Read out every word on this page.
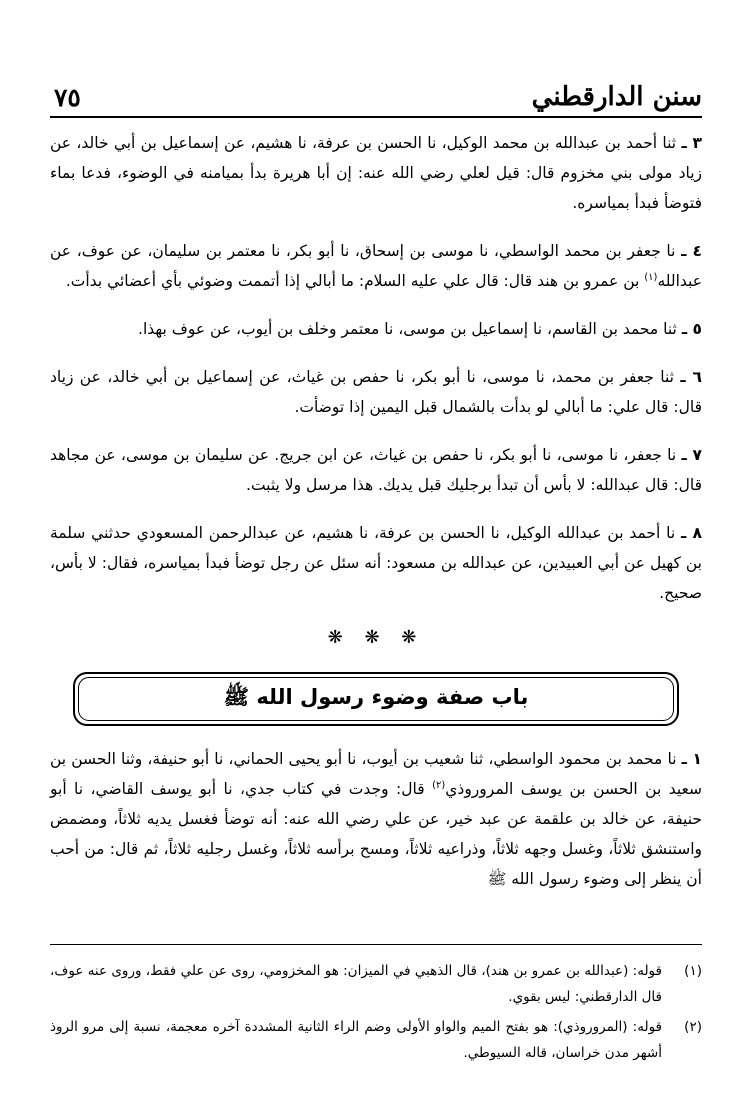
سنن الدارقطني
٧٥

٣ ـ ثنا أحمد بن عبدالله بن محمد الوكيل، نا الحسن بن عرفة، نا هشيم، عن إسماعيل بن أبي خالد، عن زياد مولى بني مخزوم قال: قيل لعلي رضي الله عنه: إن أبا هريرة بدأ بميامنه في الوضوء، فدعا بماء فتوضأ فبدأ بمياسره.

٤ ـ نا جعفر بن محمد الواسطي، نا موسى بن إسحاق، نا أبو بكر، نا معتمر بن سليمان، عن عوف، عن عبدالله$^{(١)}$ بن عمرو بن هند قال: قال علي عليه السلام: ما أبالي إذا أتممت وضوئي بأي أعضائي بدأت.

٥ ـ ثنا محمد بن القاسم، نا إسماعيل بن موسى، نا معتمر وخلف بن أيوب، عن عوف بهذا.

٦ ـ ثنا جعفر بن محمد، نا موسى، نا أبو بكر، نا حفص بن غياث، عن إسماعيل بن أبي خالد، عن زياد قال: قال علي: ما أبالي لو بدأت بالشمال قبل اليمين إذا توضأت.

٧ ـ نا جعفر، نا موسى، نا أبو بكر، نا حفص بن غياث، عن ابن جريج. عن سليمان بن موسى، عن مجاهد قال: قال عبدالله: لا بأس أن تبدأ برجليك قبل يديك. هذا مرسل ولا يثبت.

٨ ـ نا أحمد بن عبدالله الوكيل، نا الحسن بن عرفة، نا هشيم، عن عبدالرحمن المسعودي حدثني سلمة بن كهيل عن أبي العبيدين، عن عبدالله بن مسعود: أنه سئل عن رجل توضأ فبدأ بمياسره، فقال: لا بأس، صحيح.

❋ ❋ ❋
باب صفة وضوء رسول الله ﷺ

١ ـ نا محمد بن محمود الواسطي، ثنا شعيب بن أيوب، نا أبو يحيى الحماني، نا أبو حنيفة، وثنا الحسن بن سعيد بن الحسن بن يوسف المروروذي$^{(٢)}$ قال: وجدت في كتاب جدي، نا أبو يوسف القاضي، نا أبو حنيفة، عن خالد بن علقمة عن عبد خير، عن علي رضي الله عنه: أنه توضأ فغسل يديه ثلاثاً، ومضمض واستنشق ثلاثاً، وغسل وجهه ثلاثاً، وذراعيه ثلاثاً، ومسح برأسه ثلاثاً، وغسل رجليه ثلاثاً، ثم قال: من أحب أن ينظر إلى وضوء رسول الله ﷺ

(١)
قوله: (عبدالله بن عمرو بن هند)، قال الذهبي في الميزان: هو المخزومي، روى عن علي فقط، وروى عنه عوف، قال الدارقطني: ليس بقوي.
(٢)
قوله: (المروروذي): هو بفتح الميم والواو الأولى وضم الراء الثانية المشددة آخره معجمة، نسبة إلى مرو الروذ أشهر مدن خراسان، قاله السيوطي.
